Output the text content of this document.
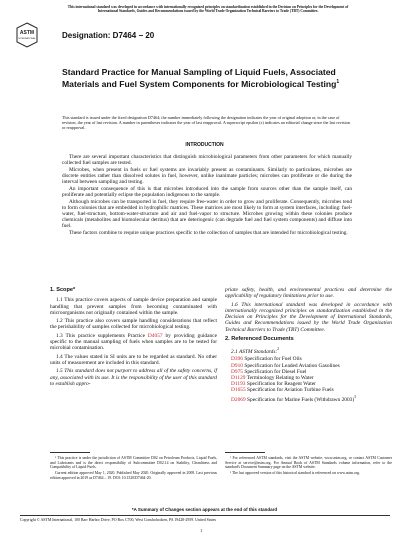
This international standard was developed in accordance with internationally recognized principles on standardization established in the Decision on Principles for the Development of International Standards, Guides and Recommendations issued by the World Trade Organization Technical Barriers to Trade (TBT) Committee.
ASTM
INTERNATIONAL	Designation: D7464 − 20
Standard Practice for Manual Sampling of Liquid Fuels, Associated Materials and Fuel System Components for Microbiological Testing$^1$
This standard is issued under the fixed designation D7464; the number immediately following the designation indicates the year of original adoption or, in the case of revision, the year of last revision. A number in parentheses indicates the year of last reapproval. A superscript epsilon (ε) indicates an editorial change since the last revision or reapproval.
INTRODUCTION

There are several important characteristics that distinguish microbiological parameters from other parameters for which manually collected fuel samples are tested.

Microbes, when present in fuels or fuel systems are invariably present as contaminants. Similarly to particulates, microbes are discrete entities rather than dissolved solutes in fuel, however, unlike inanimate particles; microbes can proliferate or die during the interval between sampling and testing.

An important consequence of this is that microbes introduced into the sample from sources other than the sample itself, can proliferate and potentially eclipse the population indigenous to the sample.

Although microbes can be transported in fuel, they require free-water in order to grow and proliferate. Consequently, microbes tend to form colonies that are embedded in hydrophilic matrices. These matrices are most likely to form at system interfaces, including: fuel-water, fuel-structure, bottom-water-structure and air and fuel-vapor to structure. Microbes growing within these colonies produce chemicals (metabolites and biomolecular detritus) that are deteriogenic (can degrade fuel and fuel system components) and diffuse into fuel.

These factors combine to require unique practices specific to the collection of samples that are intended for microbiological testing.

1. Scope*

1.1 This practice covers aspects of sample device preparation and sample handling that prevent samples from becoming contaminated with microorganisms not originally contained within the sample.

1.2 This practice also covers sample handling considerations that reflect the perishability of samples collected for microbiological testing.

1.3 This practice supplements Practice D4057 by providing guidance specific to the manual sampling of fuels when samples are to be tested for microbial contamination.

1.4 The values stated in SI units are to be regarded as standard. No other units of measurement are included in this standard.

1.5 This standard does not purport to address all of the safety concerns, if any, associated with its use. It is the responsibility of the user of this standard to establish appro-

priate safety, health, and environmental practices and determine the applicability of regulatory limitations prior to use.

1.6 This international standard was developed in accordance with internationally recognized principles on standardization established in the Decision on Principles for the Development of International Standards, Guides and Recommendations issued by the World Trade Organization Technical Barriers to Trade (TBT) Committee.

2. Referenced Documents
2.1 ASTM Standards:$^2$
D396 Specification for Fuel Oils
D910 Specification for Leaded Aviation Gasolines
D975 Specification for Diesel Fuel
D1129 Terminology Relating to Water
D1193 Specification for Reagent Water
D1655 Specification for Aviation Turbine Fuels
D2069 Specification for Marine Fuels (Withdrawn 2003)$^3$

¹ This practice is under the jurisdiction of ASTM Committee D02 on Petroleum Products, Liquid Fuels, and Lubricants and is the direct responsibility of Subcommittee D02.14 on Stability, Cleanliness and Compatibility of Liquid Fuels.

Current edition approved May 1, 2020. Published May 2020. Originally approved in 2008. Last previous edition approved in 2019 as D7464 – 19. DOI: 10.1520/D7464-20.

² For referenced ASTM standards, visit the ASTM website, www.astm.org, or contact ASTM Customer Service at service@astm.org. For Annual Book of ASTM Standards volume information, refer to the standard's Document Summary page on the ASTM website.

³ The last approved version of this historical standard is referenced on www.astm.org.

*A Summary of Changes section appears at the end of this standard
Copyright © ASTM International, 100 Barr Harbor Drive, PO Box C700, West Conshohocken, PA 19428-2959. United States
1
